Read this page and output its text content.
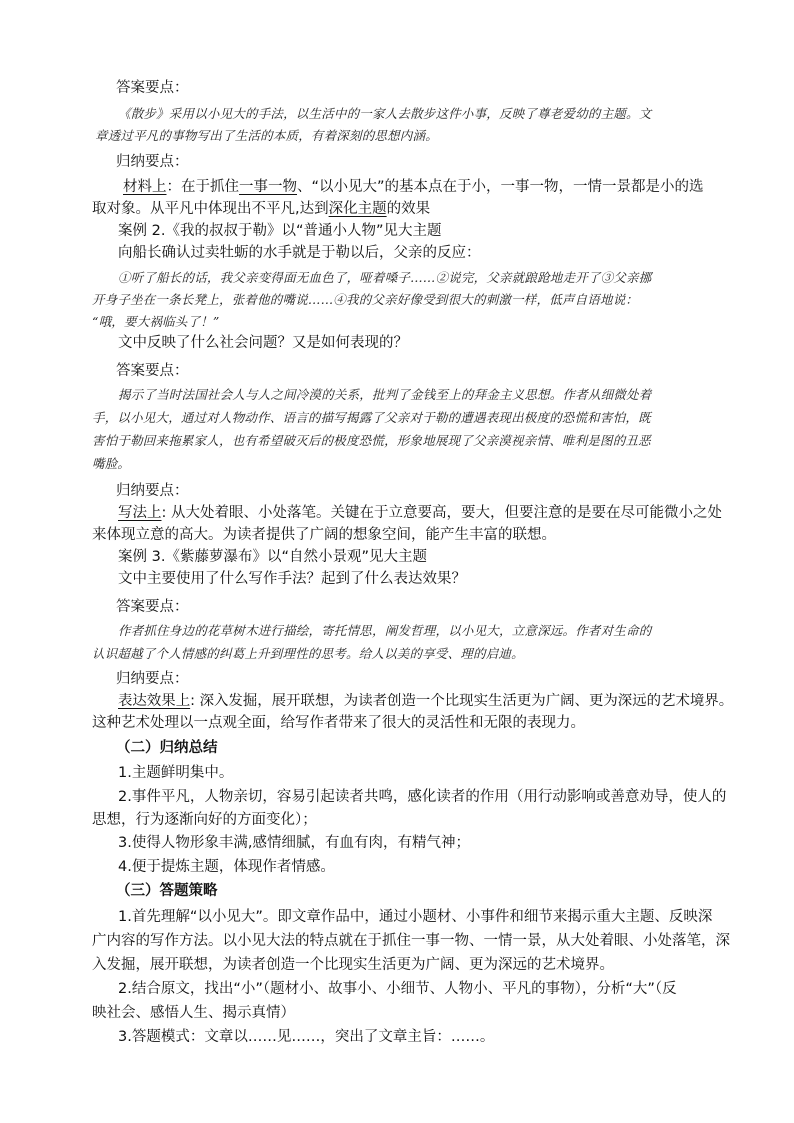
答案要点：
《散步》采用以小见大的手法，以生活中的一家人去散步这件小事，反映了尊老爱幼的主题。文
章透过平凡的事物写出了生活的本质，有着深刻的思想内涵。
归纳要点：
材料上：在于抓住一事一物、“以小见大”的基本点在于小，一事一物，一情一景都是小的选
取对象。从平凡中体现出不平凡,达到深化主题的效果
案例 2.《我的叔叔于勒》以“普通小人物”见大主题
向船长确认过卖牡蛎的水手就是于勒以后，父亲的反应：
①听了船长的话，我父亲变得面无血色了，哑着嗓子……②说完，父亲就踉跄地走开了③父亲挪
开身子坐在一条长凳上，张着他的嘴说……④我的父亲好像受到很大的刺激一样，低声自语地说：
“哦，要大祸临头了！”
文中反映了什么社会问题？又是如何表现的？
答案要点：
揭示了当时法国社会人与人之间冷漠的关系，批判了金钱至上的拜金主义思想。作者从细微处着
手，以小见大，通过对人物动作、语言的描写揭露了父亲对于勒的遭遇表现出极度的恐慌和害怕，既
害怕于勒回来拖累家人，也有希望破灭后的极度恐慌，形象地展现了父亲漠视亲情、唯利是图的丑恶
嘴脸。
归纳要点：
写法上: 从大处着眼、小处落笔。关键在于立意要高，要大，但要注意的是要在尽可能微小之处
来体现立意的高大。为读者提供了广阔的想象空间，能产生丰富的联想。
案例 3.《紫藤萝瀑布》以“自然小景观”见大主题
文中主要使用了什么写作手法？起到了什么表达效果？
答案要点：
作者抓住身边的花草树木进行描绘，寄托情思，阐发哲理，以小见大，立意深远。作者对生命的
认识超越了个人情感的纠葛上升到理性的思考。给人以美的享受、理的启迪。
归纳要点：
表达效果上: 深入发掘，展开联想，为读者创造一个比现实生活更为广阔、更为深远的艺术境界。
这种艺术处理以一点观全面，给写作者带来了很大的灵活性和无限的表现力。
（二）归纳总结
1.主题鲜明集中。
2.事件平凡，人物亲切，容易引起读者共鸣，感化读者的作用（用行动影响或善意劝导，使人的
思想，行为逐渐向好的方面变化）；
3.使得人物形象丰满,感情细腻，有血有肉，有精气神；
4.便于提炼主题，体现作者情感。
（三）答题策略
1.首先理解“以小见大”。即文章作品中，通过小题材、小事件和细节来揭示重大主题、反映深
广内容的写作方法。以小见大法的特点就在于抓住一事一物、一情一景，从大处着眼、小处落笔，深
入发掘，展开联想，为读者创造一个比现实生活更为广阔、更为深远的艺术境界。
2.结合原文，找出“小”（题材小、故事小、小细节、人物小、平凡的事物），分析“大”（反
映社会、感悟人生、揭示真情）
3.答题模式：文章以……见……，突出了文章主旨：……。
